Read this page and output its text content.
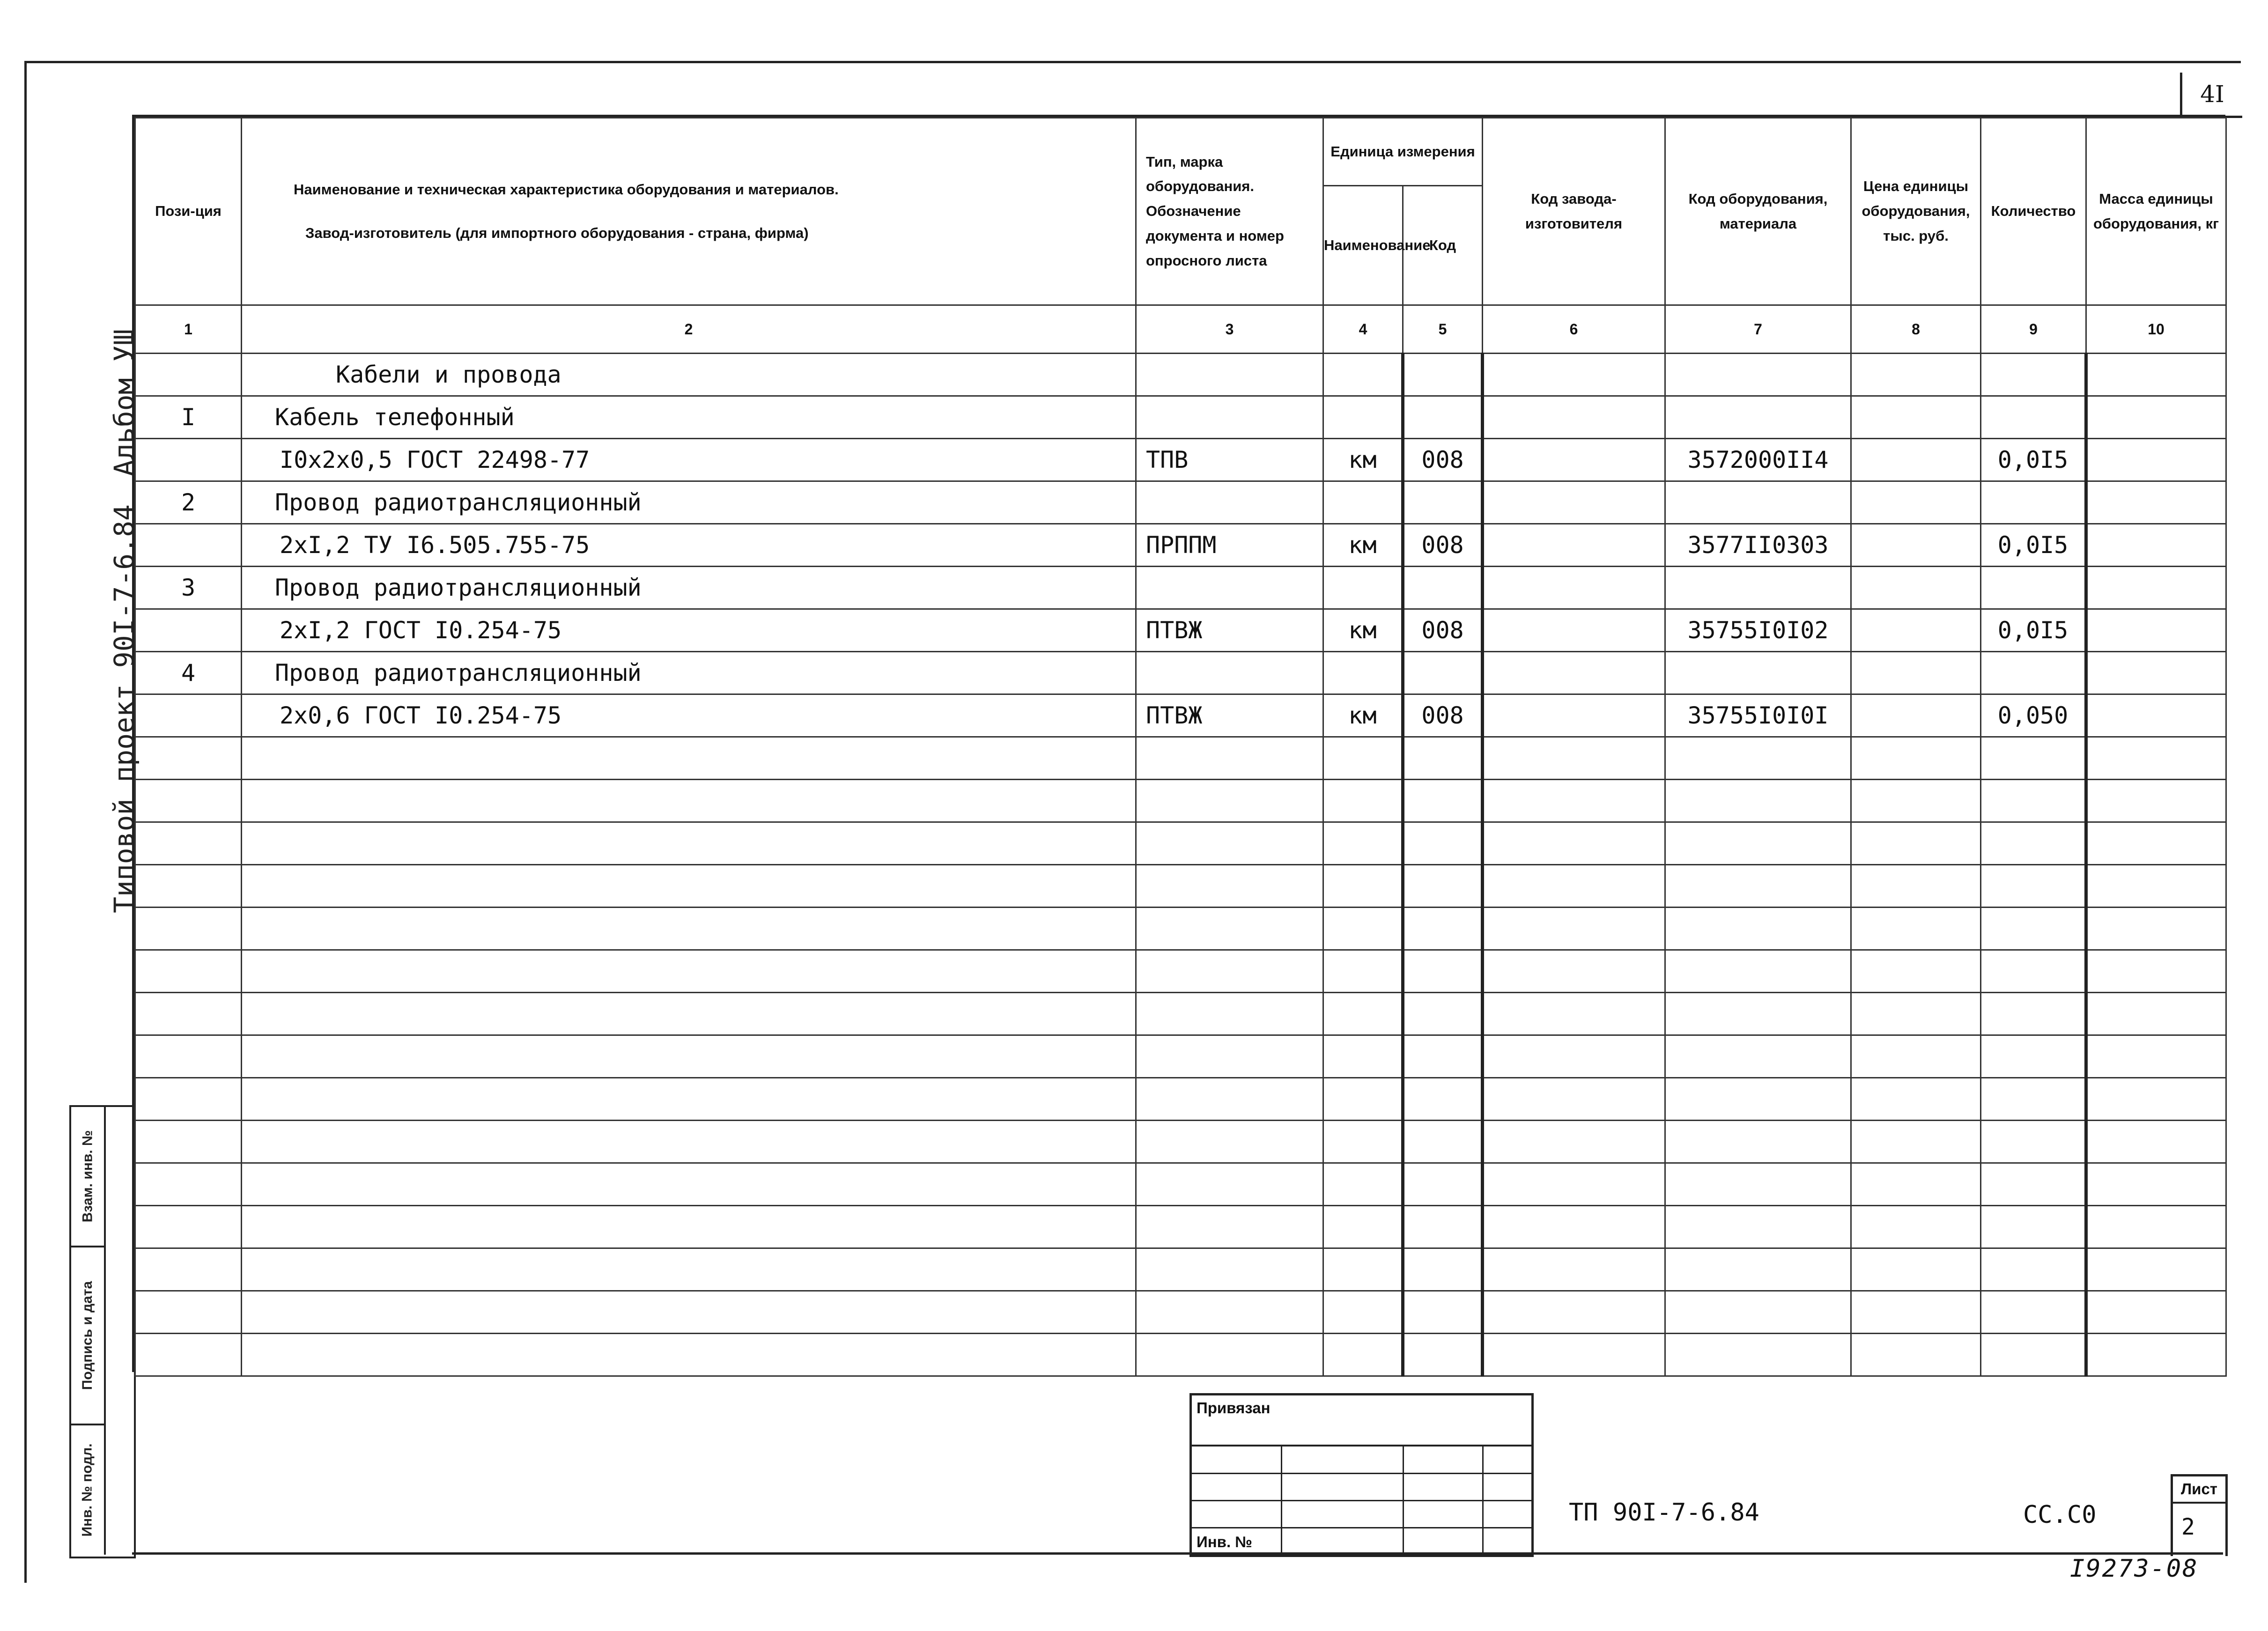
4I
Типовой проект 90I-7-6.84
Альбом УШ
Взам. инв. №
Подпись и дата
Инв. № подл.
Пози-ция	Наименование и техническая характеристика оборудования и материалов.
Завод-изготовитель (для импортного оборудования - страна, фирма)	Тип, марка оборудования. Обозначение документа и номер опросного листа	Единица измерения		Код завода-изготовителя	Код оборудования, материала	Цена единицы оборудования, тыс. руб.	Количество	Масса единицы оборудования, кг
			Наименование	Код					
1	2	3	4	5	6	7	8	9	10
	Кабели и провода								
I	Кабель телефонный								
	I0x2x0,5 ГОСТ 22498-77	ТПВ	км	008		3572000II4		0,0I5	
2	Провод радиотрансляционный								
	2xI,2 ТУ I6.505.755-75	ПРППМ	км	008		3577II0303		0,0I5	
3	Провод радиотрансляционный								
	2xI,2 ГОСТ I0.254-75	ПТВЖ	км	008		35755I0I02		0,0I5	
4	Провод радиотрансляционный								
	2x0,6 ГОСТ I0.254-75	ПТВЖ	км	008		35755I0I0I		0,050	

Привязан
Инв. №
ТП 90I-7-6.84	СС.С0
Лист
2
I9273-08
